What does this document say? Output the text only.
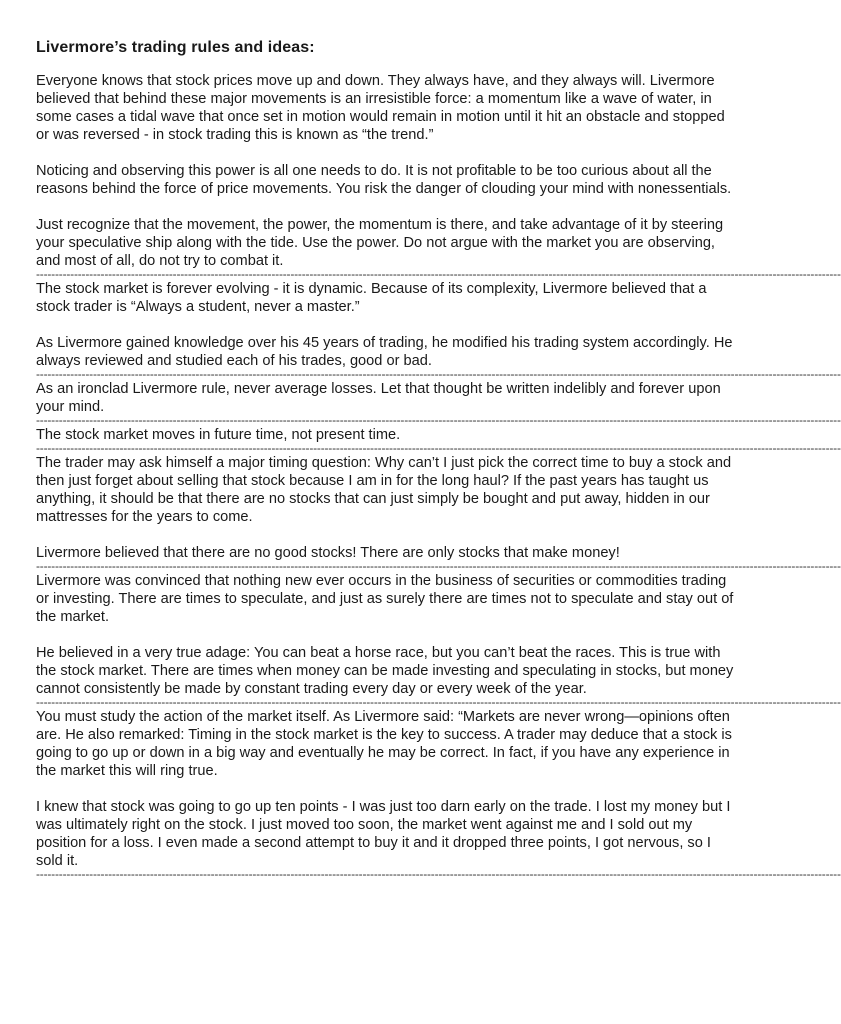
Livermore’s trading rules and ideas:

Everyone knows that stock prices move up and down. They always have, and they always will. Livermore believed that behind these major movements is an irresistible force: a momentum like a wave of water, in some cases a tidal wave that once set in motion would remain in motion until it hit an obstacle and stopped or was reversed - in stock trading this is known as “the trend.”

Noticing and observing this power is all one needs to do. It is not profitable to be too curious about all the reasons behind the force of price movements. You risk the danger of clouding your mind with nonessentials.

Just recognize that the movement, the power, the momentum is there, and take advantage of it by steering your speculative ship along with the tide. Use the power. Do not argue with the market you are observing, and most of all, do not try to combat it.

--------------------------------------------------------------------------------------------------------------------------------------------------------------------------------------------------------------------

The stock market is forever evolving - it is dynamic. Because of its complexity, Livermore believed that a stock trader is “Always a student, never a master.”

As Livermore gained knowledge over his 45 years of trading, he modified his trading system accordingly. He always reviewed and studied each of his trades, good or bad.

--------------------------------------------------------------------------------------------------------------------------------------------------------------------------------------------------------------------

As an ironclad Livermore rule, never average losses. Let that thought be written indelibly and forever upon your mind.

--------------------------------------------------------------------------------------------------------------------------------------------------------------------------------------------------------------------

The stock market moves in future time, not present time.

--------------------------------------------------------------------------------------------------------------------------------------------------------------------------------------------------------------------

The trader may ask himself a major timing question: Why can’t I just pick the correct time to buy a stock and then just forget about selling that stock because I am in for the long haul? If the past years has taught us anything, it should be that there are no stocks that can just simply be bought and put away, hidden in our mattresses for the years to come.

Livermore believed that there are no good stocks! There are only stocks that make money!

--------------------------------------------------------------------------------------------------------------------------------------------------------------------------------------------------------------------

Livermore was convinced that nothing new ever occurs in the business of securities or commodities trading or investing. There are times to speculate, and just as surely there are times not to speculate and stay out of the market.

He believed in a very true adage: You can beat a horse race, but you can’t beat the races. This is true with the stock market. There are times when money can be made investing and speculating in stocks, but money cannot consistently be made by constant trading every day or every week of the year.

--------------------------------------------------------------------------------------------------------------------------------------------------------------------------------------------------------------------

You must study the action of the market itself. As Livermore said: “Markets are never wrong—opinions often are. He also remarked: Timing in the stock market is the key to success. A trader may deduce that a stock is going to go up or down in a big way and eventually he may be correct. In fact, if you have any experience in the market this will ring true.

I knew that stock was going to go up ten points - I was just too darn early on the trade. I lost my money but I was ultimately right on the stock. I just moved too soon, the market went against me and I sold out my position for a loss. I even made a second attempt to buy it and it dropped three points, I got nervous, so I sold it.

--------------------------------------------------------------------------------------------------------------------------------------------------------------------------------------------------------------------
